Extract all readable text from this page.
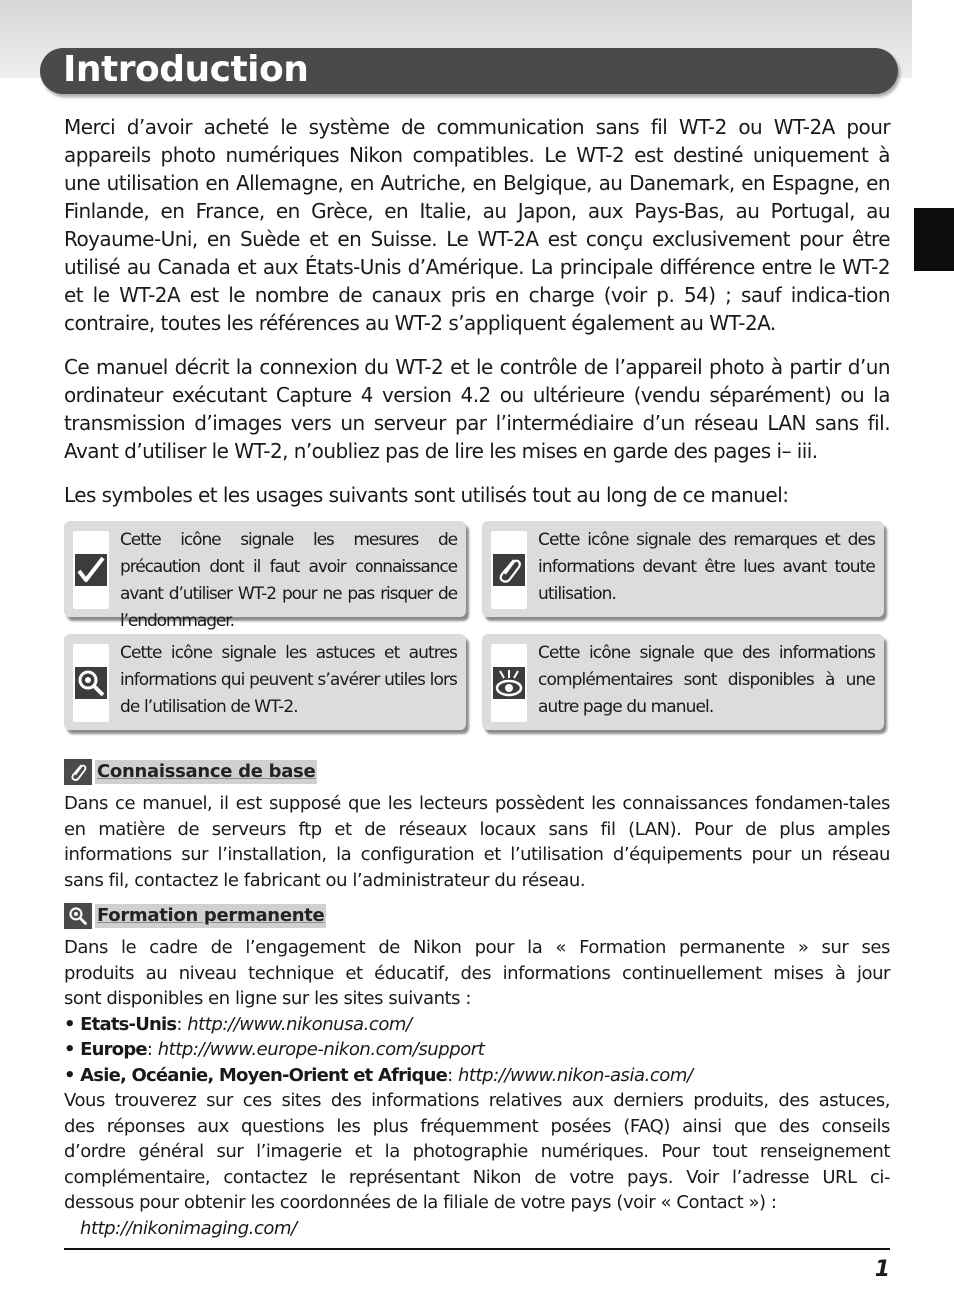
Introduction

Merci d’avoir acheté le système de communication sans fil WT-2 ou WT-2A pour appareils photo numériques Nikon compatibles. Le WT-2 est destiné uniquement à une utilisation en Allemagne, en Autriche, en Belgique, au Danemark, en Espagne, en Finlande, en France, en Grèce, en Italie, au Japon, aux Pays-Bas, au Portugal, au Royaume-Uni, en Suède et en Suisse. Le WT-2A est conçu exclusivement pour être utilisé au Canada et aux États-Unis d’Amérique. La principale différence entre le WT-2 et le WT-2A est le nombre de canaux pris en charge (voir p. 54) ; sauf indica-tion contraire, toutes les références au WT-2 s’appliquent également au WT-2A.

Ce manuel décrit la connexion du WT-2 et le contrôle de l’appareil photo à partir d’un ordinateur exécutant Capture 4 version 4.2 ou ultérieure (vendu séparément) ou la transmission d’images vers un serveur par l’intermédiaire d’un réseau LAN sans fil. Avant d’utiliser le WT-2, n’oubliez pas de lire les mises en garde des pages i– iii.

Les symboles et les usages suivants sont utilisés tout au long de ce manuel:

Cette icône signale les mesures de précaution dont il faut avoir connaissance avant d’utiliser WT-2 pour ne pas risquer de l’endommager.

Cette icône signale des remarques et des informations devant être lues avant toute utilisation.

Cette icône signale les astuces et autres informations qui peuvent s’avérer utiles lors de l’utilisation de WT-2.

Cette icône signale que des informations complémentaires sont disponibles à une autre page du manuel.

Connaissance de base

Dans ce manuel, il est supposé que les lecteurs possèdent les connaissances fondamen-tales en matière de serveurs ftp et de réseaux locaux sans fil (LAN). Pour de plus amples informations sur l’installation, la configuration et l’utilisation d’équipements pour un réseau sans fil, contactez le fabricant ou l’administrateur du réseau.

Formation permanente
Dans le cadre de l’engagement de Nikon pour la « Formation permanente » sur ses
produits au niveau technique et éducatif, des informations continuellement mises à jour
sont disponibles en ligne sur les sites suivants :
• Etats-Unis: http://www.nikonusa.com/
• Europe: http://www.europe-nikon.com/support
• Asie, Océanie, Moyen-Orient et Afrique: http://www.nikon-asia.com/
Vous trouverez sur ces sites des informations relatives aux derniers produits, des astuces,
des réponses aux questions les plus fréquemment posées (FAQ) ainsi que des conseils
d’ordre général sur l’imagerie et la photographie numériques. Pour tout renseignement
complémentaire, contactez le représentant Nikon de votre pays. Voir l’adresse URL ci-
dessous pour obtenir les coordonnées de la filiale de votre pays (voir « Contact ») :
http://nikonimaging.com/

1
